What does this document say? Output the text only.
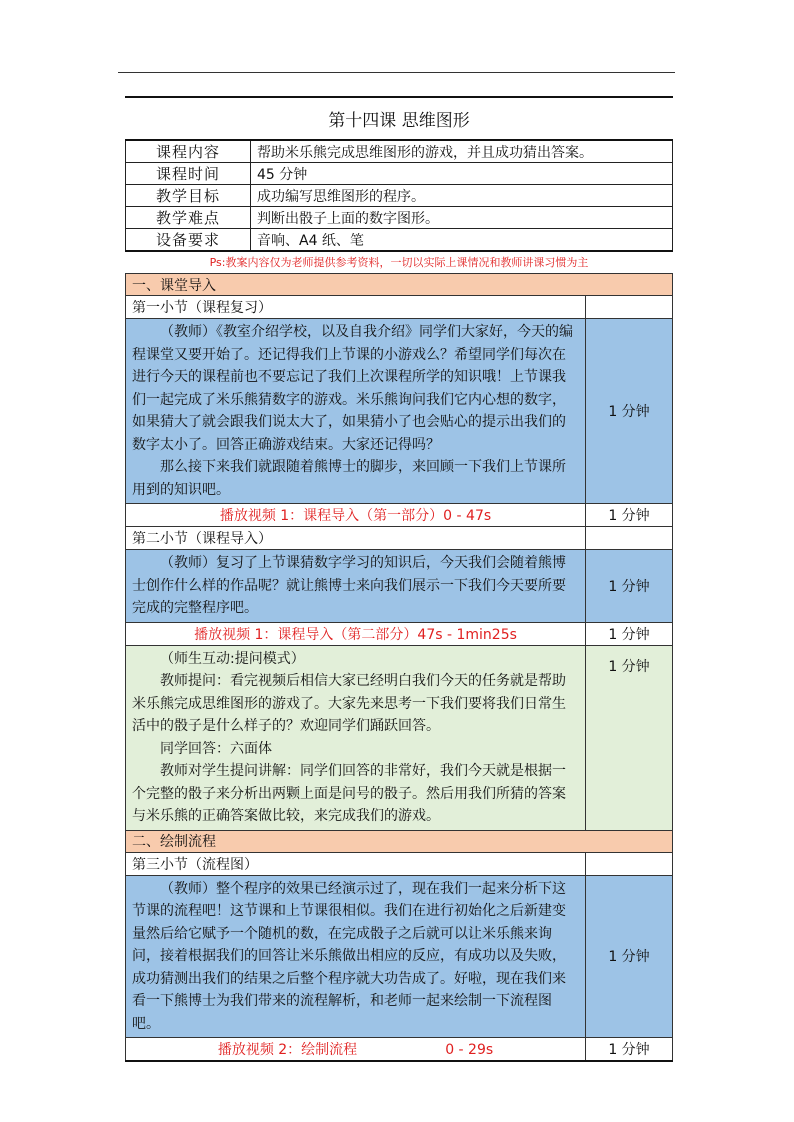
第十四课 思维图形
课程内容	帮助米乐熊完成思维图形的游戏，并且成功猜出答案。
课程时间	45 分钟
教学目标	成功编写思维图形的程序。
教学难点	判断出骰子上面的数字图形。
设备要求	音响、A4 纸、笔
Ps:教案内容仅为老师提供参考资料，一切以实际上课情况和教师讲课习惯为主
一、课堂导入	
第一小节（课程复习）	

（教师）《教室介绍学校，以及自我介绍》同学们大家好，今天的编程课堂又要开始了。还记得我们上节课的小游戏么？希望同学们每次在进行今天的课程前也不要忘记了我们上次课程所学的知识哦！上节课我们一起完成了米乐熊猜数字的游戏。米乐熊询问我们它内心想的数字，如果猜大了就会跟我们说太大了，如果猜小了也会贴心的提示出我们的数字太小了。回答正确游戏结束。大家还记得吗？

那么接下来我们就跟随着熊博士的脚步，来回顾一下我们上节课所用到的知识吧。	1 分钟
播放视频 1：课程导入（第一部分）0 - 47s	1 分钟
第二小节（课程导入）	

（教师）复习了上节课猜数字学习的知识后，今天我们会随着熊博士创作什么样的作品呢？就让熊博士来向我们展示一下我们今天要所要完成的完整程序吧。	1 分钟
播放视频 1：课程导入（第二部分）47s - 1min25s	1 分钟

（师生互动:提问模式）

教师提问：看完视频后相信大家已经明白我们今天的任务就是帮助米乐熊完成思维图形的游戏了。大家先来思考一下我们要将我们日常生活中的骰子是什么样子的？欢迎同学们踊跃回答。

同学回答：六面体

教师对学生提问讲解：同学们回答的非常好，我们今天就是根据一个完整的骰子来分析出两颗上面是问号的骰子。然后用我们所猜的答案与米乐熊的正确答案做比较，来完成我们的游戏。	1 分钟
二、绘制流程	
第三小节（流程图）	

（教师）整个程序的效果已经演示过了，现在我们一起来分析下这节课的流程吧！这节课和上节课很相似。我们在进行初始化之后新建变量然后给它赋予一个随机的数，在完成骰子之后就可以让米乐熊来询问，接着根据我们的回答让米乐熊做出相应的反应，有成功以及失败，成功猜测出我们的结果之后整个程序就大功告成了。好啦，现在我们来看一下熊博士为我们带来的流程解析，和老师一起来绘制一下流程图吧。	1 分钟
播放视频 2：绘制流程 0 - 29s	1 分钟
